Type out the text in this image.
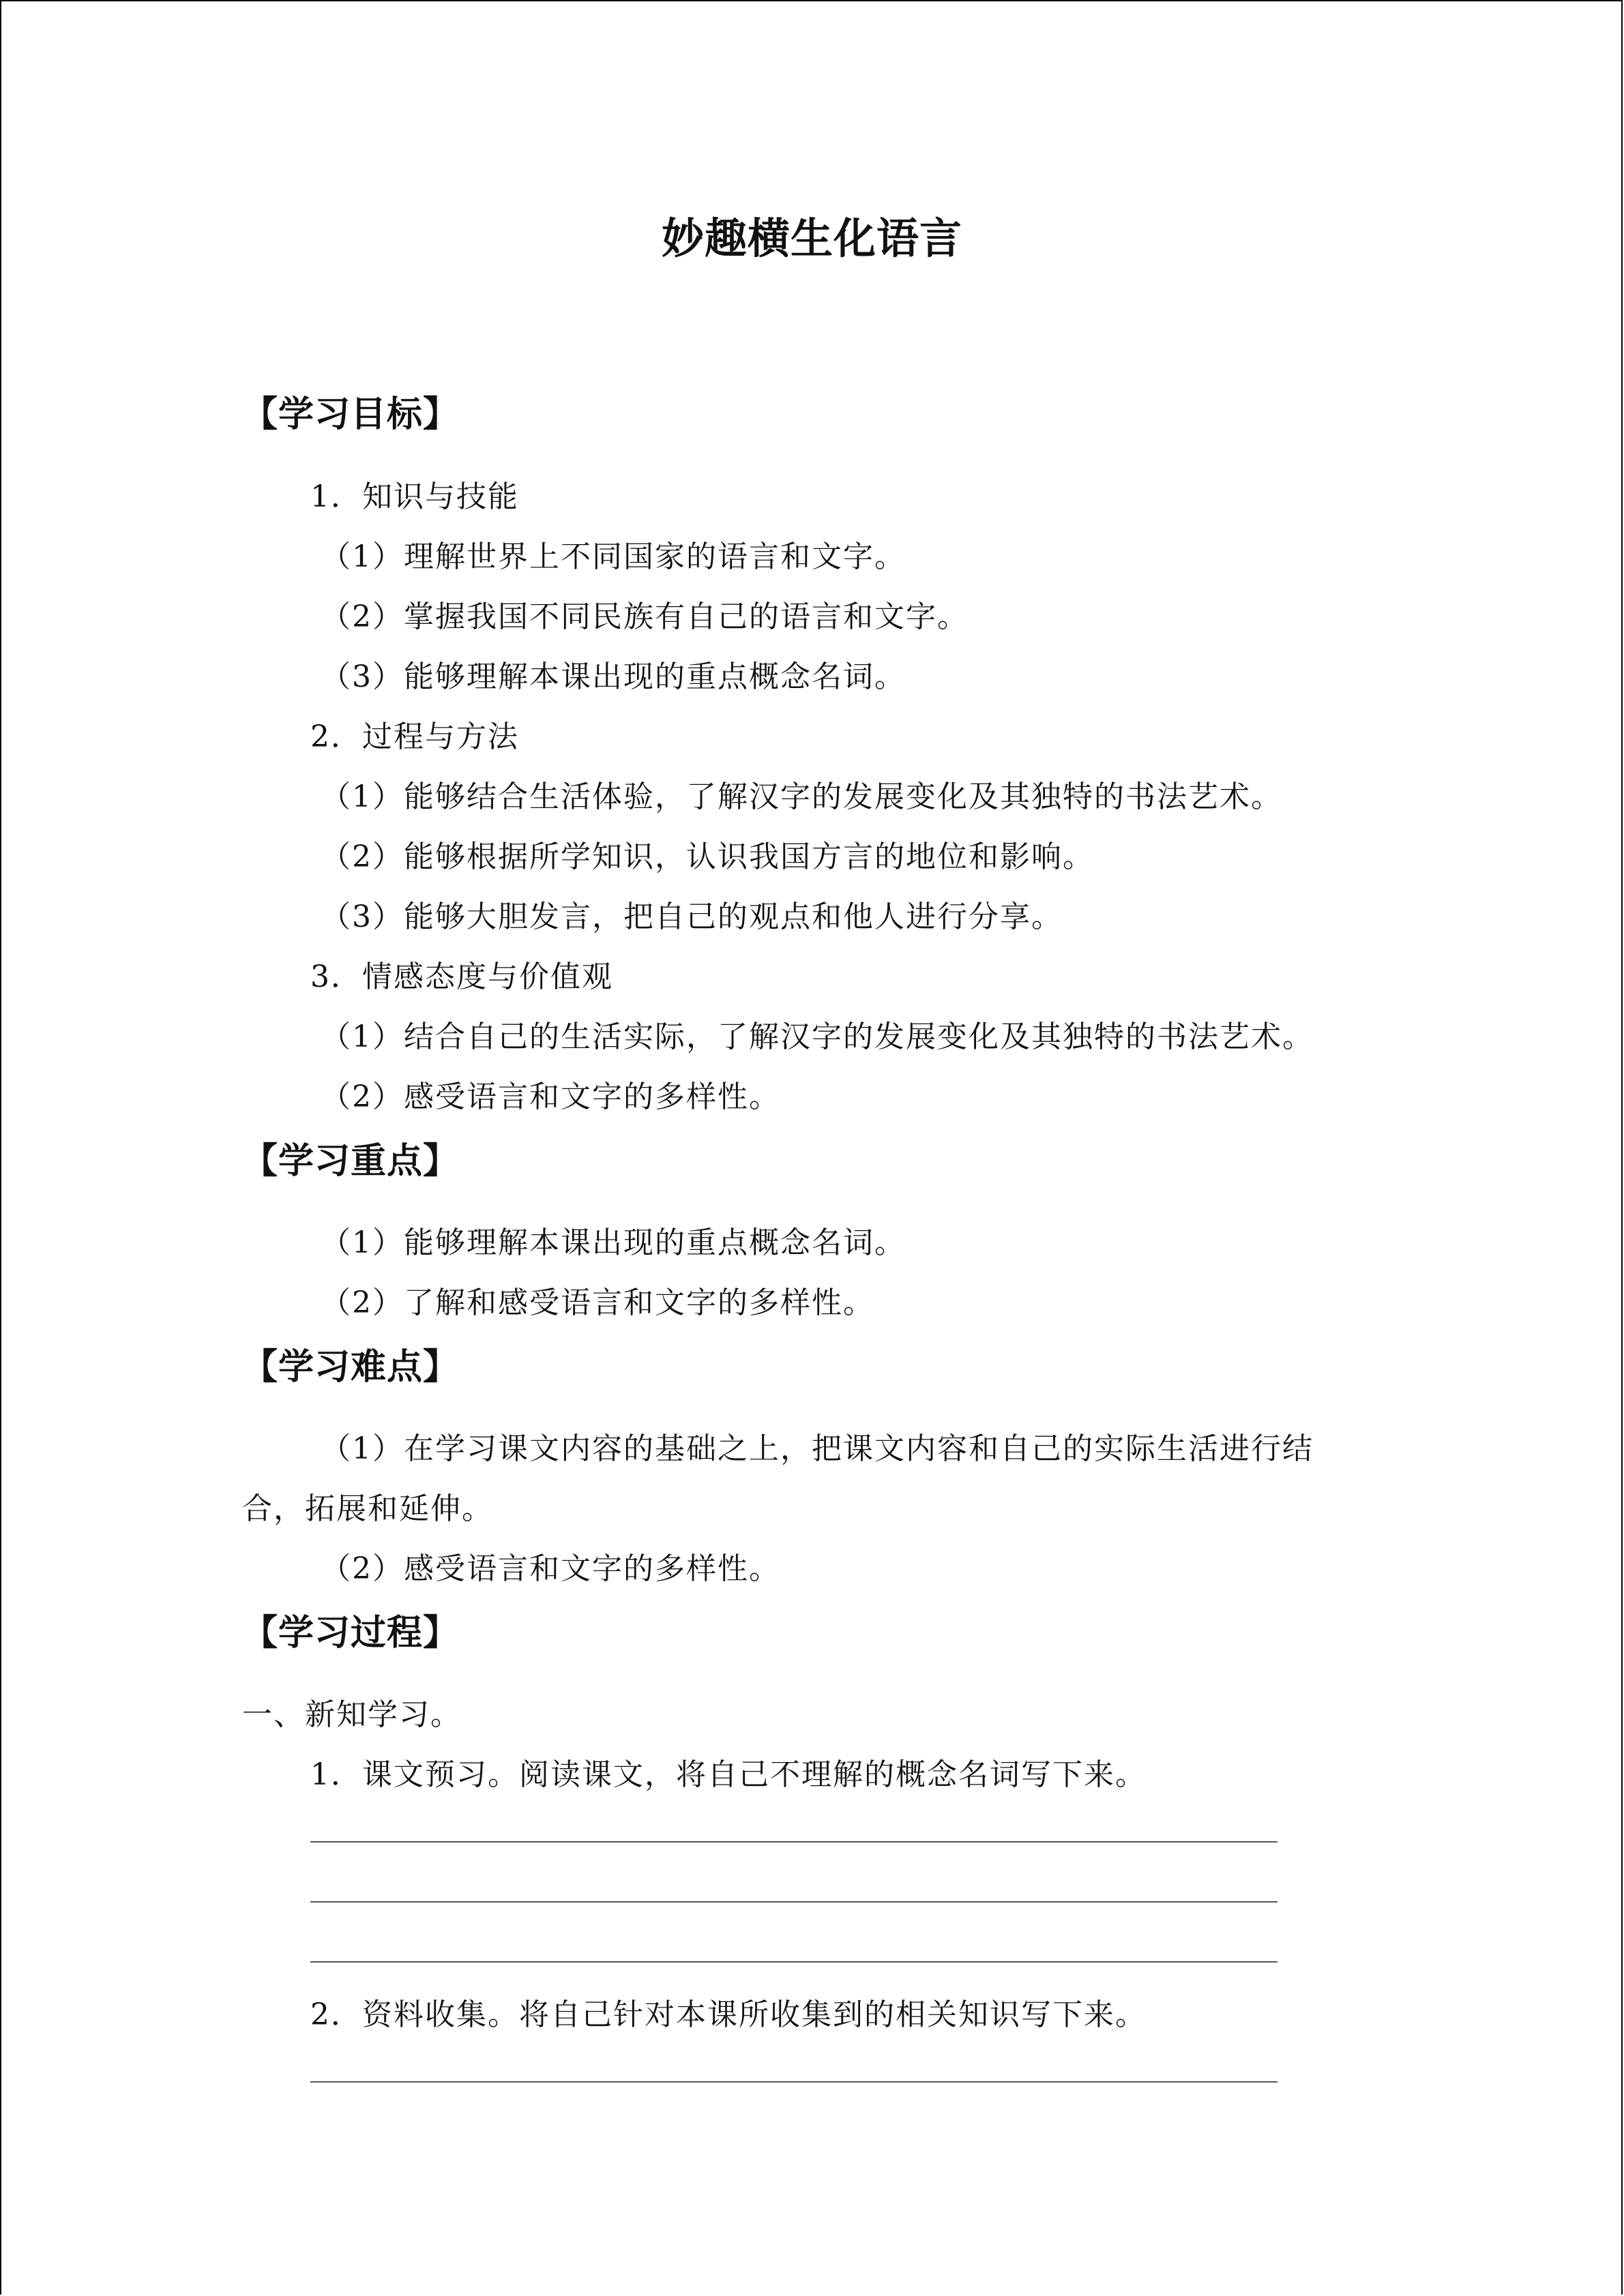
妙趣横生化语言
【学习目标】
1．知识与技能
（1）理解世界上不同国家的语言和文字。
（2）掌握我国不同民族有自己的语言和文字。
（3）能够理解本课出现的重点概念名词。
2．过程与方法
（1）能够结合生活体验，了解汉字的发展变化及其独特的书法艺术。
（2）能够根据所学知识，认识我国方言的地位和影响。
（3）能够大胆发言，把自己的观点和他人进行分享。
3．情感态度与价值观
（1）结合自己的生活实际，了解汉字的发展变化及其独特的书法艺术。
（2）感受语言和文字的多样性。
【学习重点】
（1）能够理解本课出现的重点概念名词。
（2）了解和感受语言和文字的多样性。
【学习难点】
（1）在学习课文内容的基础之上，把课文内容和自己的实际生活进行结
合，拓展和延伸。
（2）感受语言和文字的多样性。
【学习过程】
一、新知学习。
1．课文预习。阅读课文，将自己不理解的概念名词写下来。
2．资料收集。将自己针对本课所收集到的相关知识写下来。
